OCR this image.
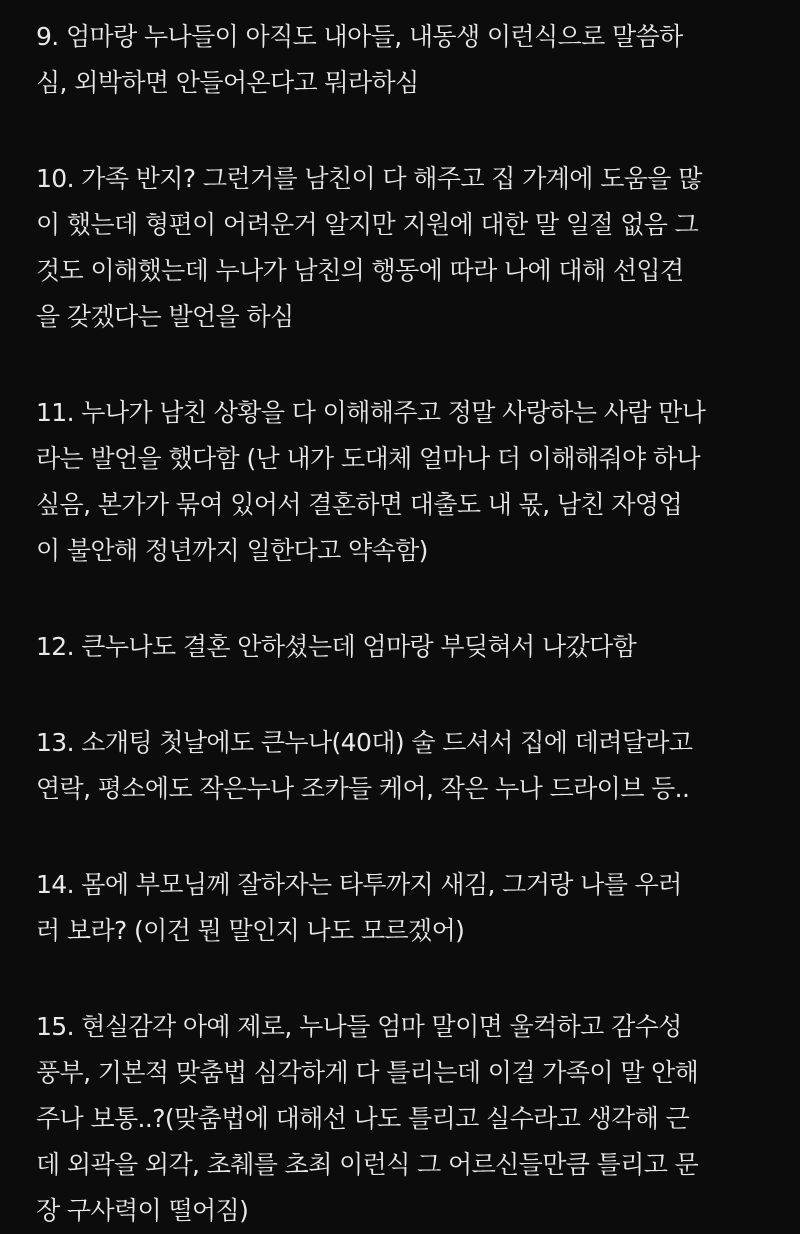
9. 엄마랑 누나들이 아직도 내아들, 내동생 이런식으로 말씀하
심, 외박하면 안들어온다고 뭐라하심
10. 가족 반지? 그런거를 남친이 다 해주고 집 가계에 도움을 많
이 했는데 형편이 어려운거 알지만 지원에 대한 말 일절 없음 그
것도 이해했는데 누나가 남친의 행동에 따라 나에 대해 선입견
을 갖겠다는 발언을 하심
11. 누나가 남친 상황을 다 이해해주고 정말 사랑하는 사람 만나
라는 발언을 했다함 (난 내가 도대체 얼마나 더 이해해줘야 하나
싶음, 본가가 묶여 있어서 결혼하면 대출도 내 몫, 남친 자영업
이 불안해 정년까지 일한다고 약속함)
12. 큰누나도 결혼 안하셨는데 엄마랑 부딪혀서 나갔다함
13. 소개팅 첫날에도 큰누나(40대) 술 드셔서 집에 데려달라고
연락, 평소에도 작은누나 조카들 케어, 작은 누나 드라이브 등..
14. 몸에 부모님께 잘하자는 타투까지 새김, 그거랑 나를 우러
러 보라? (이건 뭔 말인지 나도 모르겠어)
15. 현실감각 아예 제로, 누나들 엄마 말이면 울컥하고 감수성
풍부, 기본적 맞춤법 심각하게 다 틀리는데 이걸 가족이 말 안해
주나 보통..?(맞춤법에 대해선 나도 틀리고 실수라고 생각해 근
데 외곽을 외각, 초췌를 초최 이런식 그 어르신들만큼 틀리고 문
장 구사력이 떨어짐)
